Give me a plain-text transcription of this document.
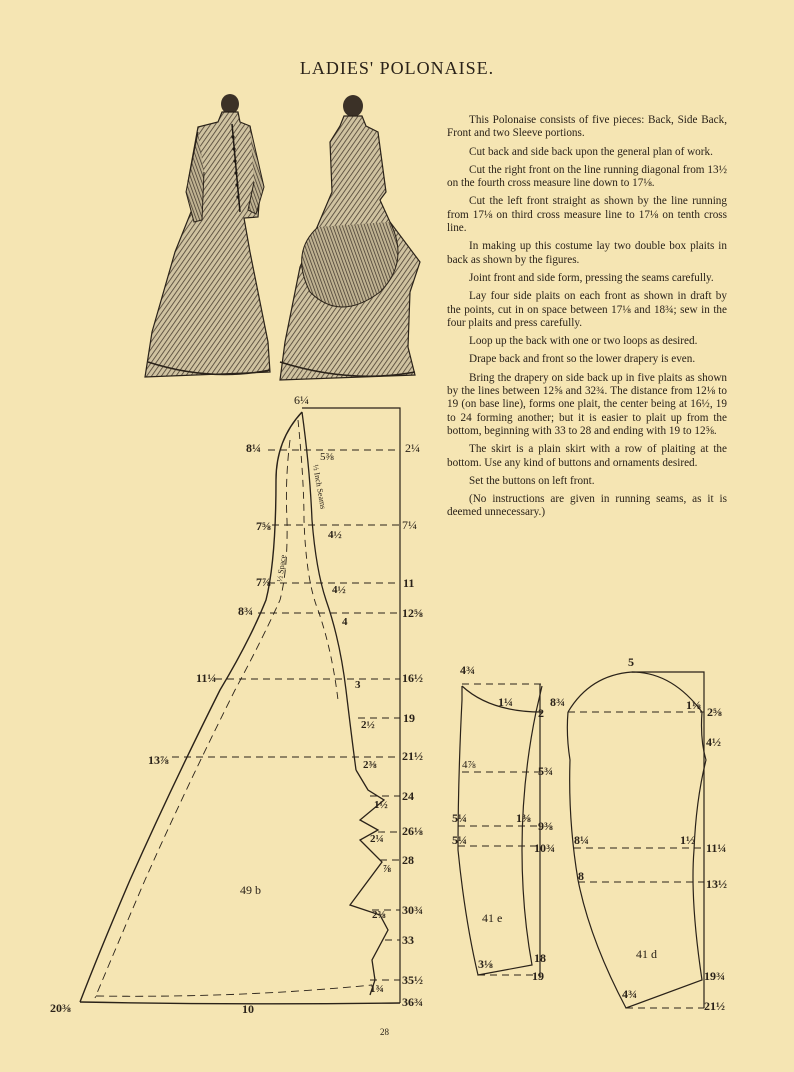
LADIES' POLONAISE.

This Polonaise consists of five pieces: Back, Side Back, Front and two Sleeve portions.

Cut back and side back upon the general plan of work.

Cut the right front on the line running diagonal from 13½ on the fourth cross measure line down to 17⅛.

Cut the left front straight as shown by the line running from 17⅛ on third cross measure line to 17⅛ on tenth cross line.

In making up this costume lay two double box plaits in back as shown by the figures.

Joint front and side form, pressing the seams carefully.

Lay four side plaits on each front as shown in draft by the points, cut in on space between 17⅛ and 18¾; sew in the four plaits and press carefully.

Loop up the back with one or two loops as desired.

Drape back and front so the lower drapery is even.

Bring the drapery on side back up in five plaits as shown by the lines between 12⅝ and 32¾. The distance from 12⅛ to 19 (on base line), forms one plait, the center being at 16½, 19 to 24 forming another; but it is easier to plait up from the bottom, beginning with 33 to 28 and ending with 19 to 12⅝.

The skirt is a plain skirt with a row of plaiting at the bottom. Use any kind of buttons and ornaments desired.

Set the buttons on left front.

(No instructions are given in running seams, as it is deemed unnecessary.)

6¼
8¼
7⅝
7⅞
8¾
11¼
13⅞
2¼
7¼
11
12⅝
16½
19
21½
24
26⅛
28
30¾
33
35½
36¾
5⅜
4½
4½
4
3
2½
2⅜
1½
2¼
⅞
2⅜
1¾
½ Inch Seams
½ Space
49 b
20⅜	10
4¾
1¼
2
4⅞	5¾
5¼	1⅜
9⅜
5¼
10¾
41 e
3⅛	18
19
5
8¾	1⅛ 2⅝
4½
8¼	1½
11¼
8
13½
41 d
19¾
4¾
21½
28
